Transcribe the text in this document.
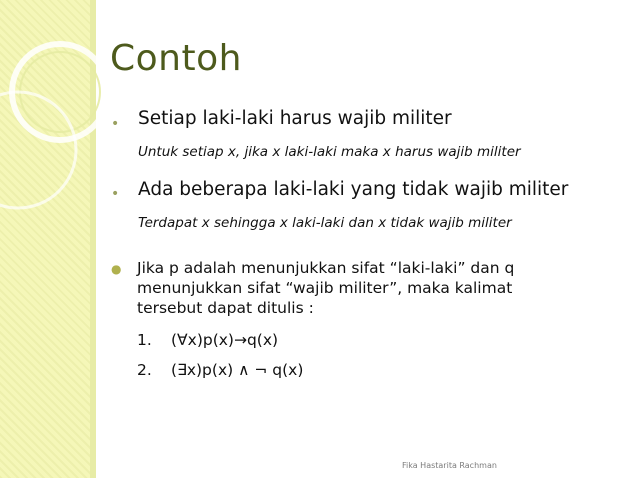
Contoh
• Setiap laki-laki harus wajib militer
Untuk setiap x, jika x laki-laki maka x harus wajib militer
• Ada beberapa laki-laki yang tidak wajib militer
Terdapat x sehingga x laki-laki dan x tidak wajib militer
● Jika p adalah menunjukkan sifat “laki-laki” dan q
menunjukkan sifat “wajib militer”, maka kalimat
tersebut dapat ditulis :
1. (∀x)p(x)→q(x)
2. (∃x)p(x) ∧ ¬ q(x)
Fika Hastarita Rachman
